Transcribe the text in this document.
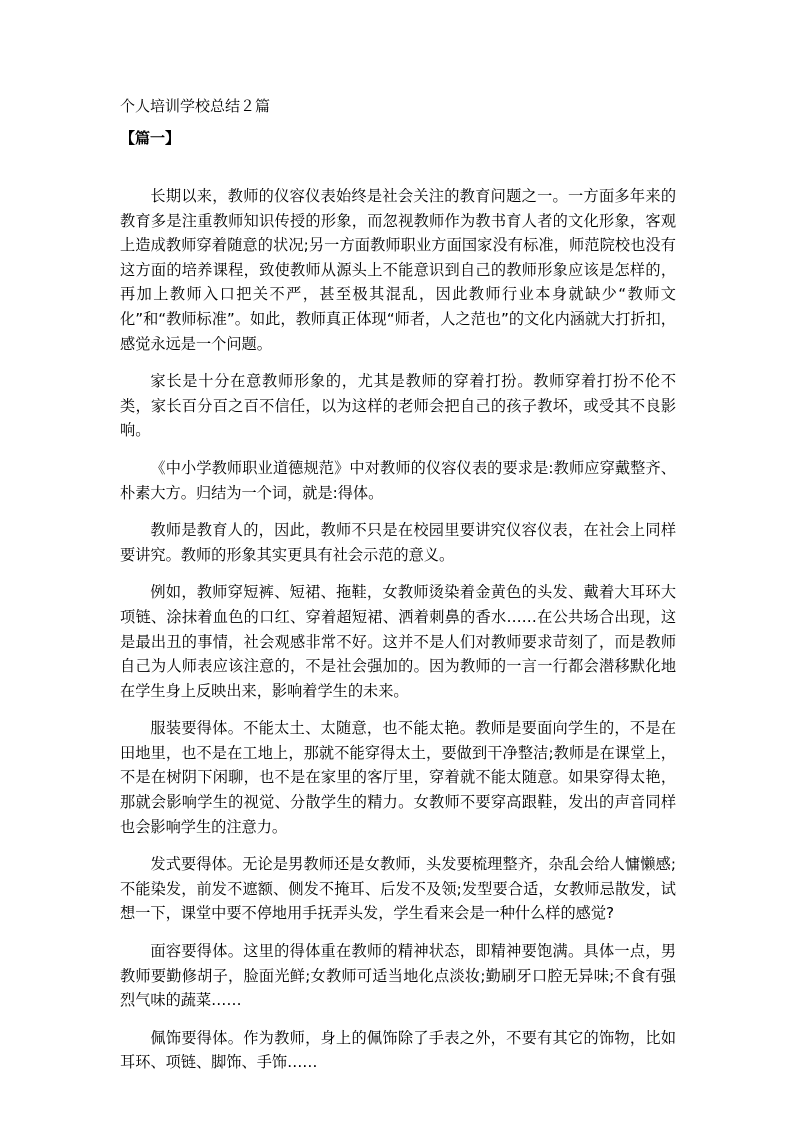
个人培训学校总结２篇
【篇一】

长期以来，教师的仪容仪表始终是社会关注的教育问题之一。一方面多年来的教育多是注重教师知识传授的形象，而忽视教师作为教书育人者的文化形象，客观上造成教师穿着随意的状况;另一方面教师职业方面国家没有标准，师范院校也没有这方面的培养课程，致使教师从源头上不能意识到自己的教师形象应该是怎样的，再加上教师入口把关不严，甚至极其混乱，因此教师行业本身就缺少“教师文化”和“教师标准”。如此，教师真正体现“师者，人之范也”的文化内涵就大打折扣，感觉永远是一个问题。

家长是十分在意教师形象的，尤其是教师的穿着打扮。教师穿着打扮不伦不类，家长百分百之百不信任，以为这样的老师会把自己的孩子教坏，或受其不良影响。

《中小学教师职业道德规范》中对教师的仪容仪表的要求是:教师应穿戴整齐、朴素大方。归结为一个词，就是:得体。

教师是教育人的，因此，教师不只是在校园里要讲究仪容仪表，在社会上同样要讲究。教师的形象其实更具有社会示范的意义。

例如，教师穿短裤、短裙、拖鞋，女教师烫染着金黄色的头发、戴着大耳环大项链、涂抹着血色的口红、穿着超短裙、洒着刺鼻的香水……在公共场合出现，这是最出丑的事情，社会观感非常不好。这并不是人们对教师要求苛刻了，而是教师自己为人师表应该注意的，不是社会强加的。因为教师的一言一行都会潜移默化地在学生身上反映出来，影响着学生的未来。

服装要得体。不能太土、太随意，也不能太艳。教师是要面向学生的，不是在田地里，也不是在工地上，那就不能穿得太土，要做到干净整洁;教师是在课堂上，不是在树阴下闲聊，也不是在家里的客厅里，穿着就不能太随意。如果穿得太艳，那就会影响学生的视觉、分散学生的精力。女教师不要穿高跟鞋，发出的声音同样也会影响学生的注意力。

发式要得体。无论是男教师还是女教师，头发要梳理整齐，杂乱会给人慵懒感;不能染发，前发不遮额、侧发不掩耳、后发不及领;发型要合适，女教师忌散发，试想一下，课堂中要不停地用手抚弄头发，学生看来会是一种什么样的感觉?

面容要得体。这里的得体重在教师的精神状态，即精神要饱满。具体一点，男教师要勤修胡子，脸面光鲜;女教师可适当地化点淡妆;勤刷牙口腔无异味;不食有强烈气味的蔬菜……

佩饰要得体。作为教师，身上的佩饰除了手表之外，不要有其它的饰物，比如耳环、项链、脚饰、手饰……
